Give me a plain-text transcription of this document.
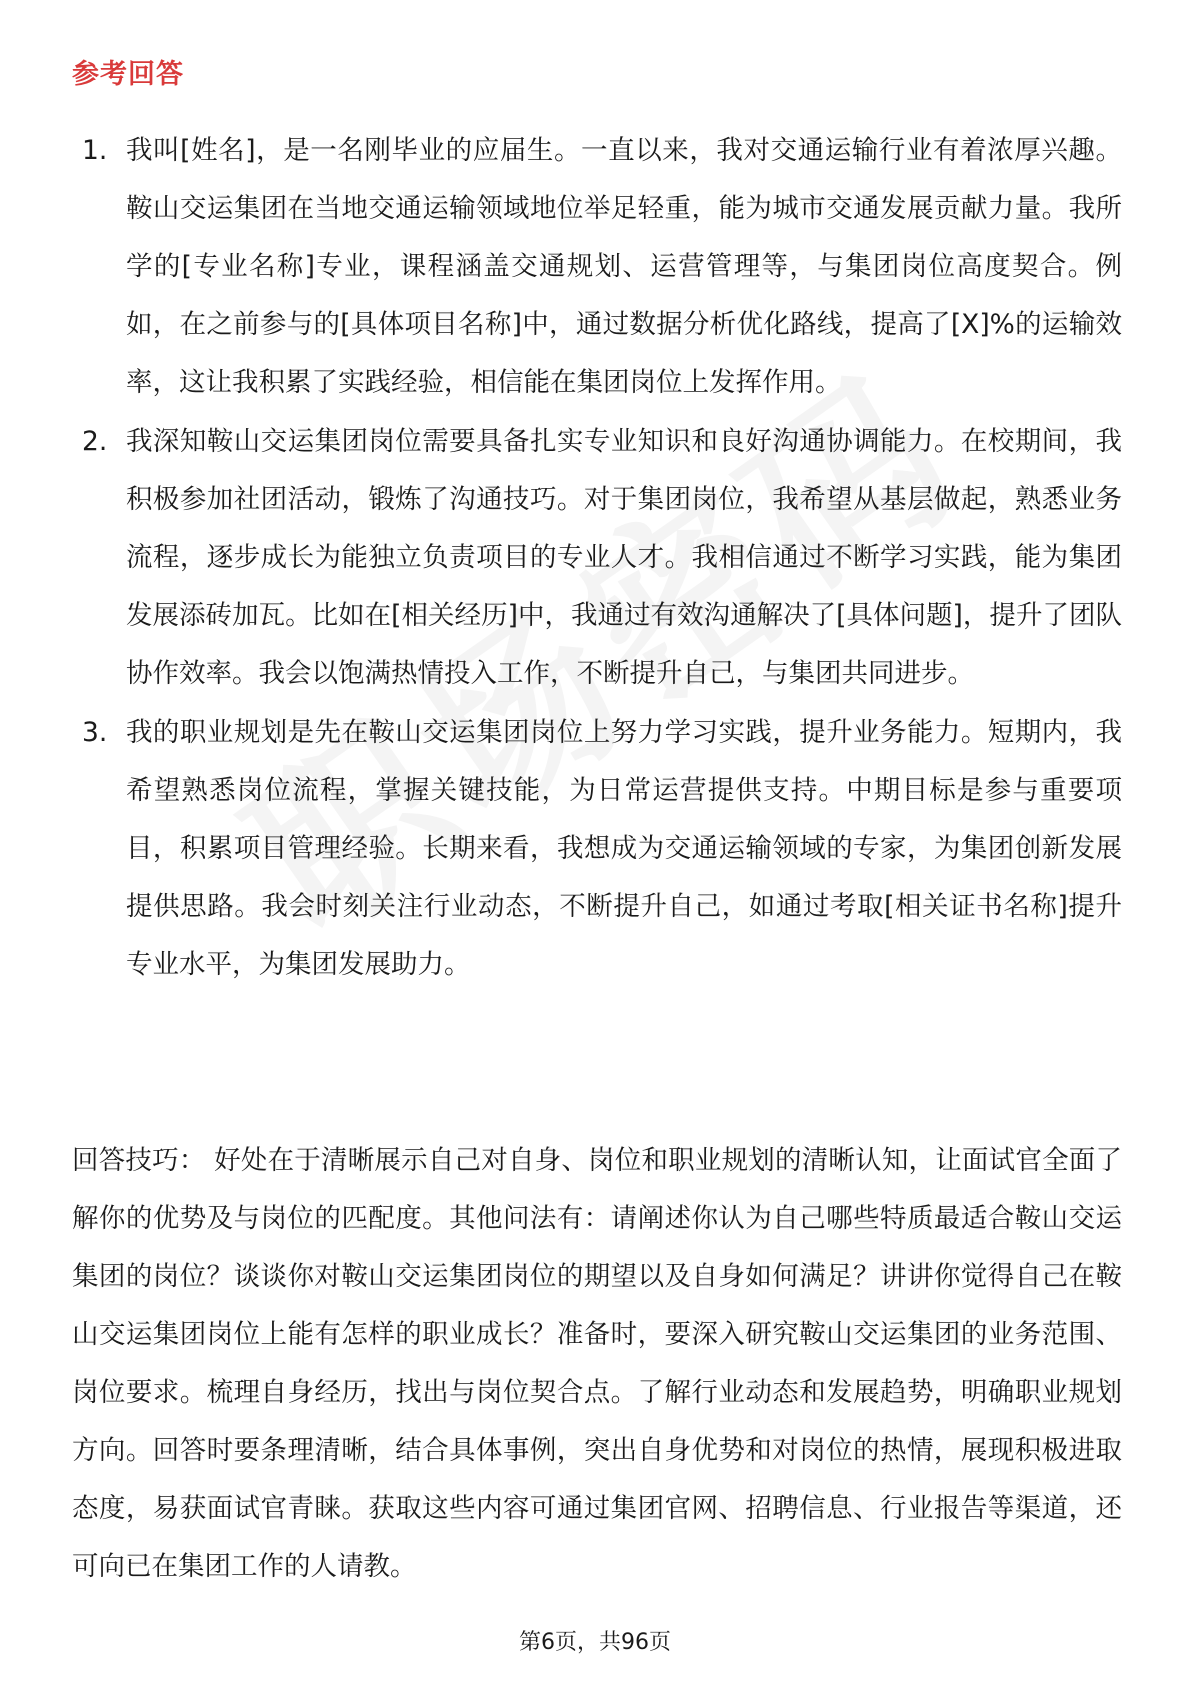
参考回答
1. 我叫[姓名]，是一名刚毕业的应届生。一直以来，我对交通运输行业有着浓厚兴趣。鞍山交运集团在当地交通运输领域地位举足轻重，能为城市交通发展贡献力量。我所学的[专业名称]专业，课程涵盖交通规划、运营管理等，与集团岗位高度契合。例如，在之前参与的[具体项目名称]中，通过数据分析优化路线，提高了[X]%的运输效率，这让我积累了实践经验，相信能在集团岗位上发挥作用。
2. 我深知鞍山交运集团岗位需要具备扎实专业知识和良好沟通协调能力。在校期间，我积极参加社团活动，锻炼了沟通技巧。对于集团岗位，我希望从基层做起，熟悉业务流程，逐步成长为能独立负责项目的专业人才。我相信通过不断学习实践，能为集团发展添砖加瓦。比如在[相关经历]中，我通过有效沟通解决了[具体问题]，提升了团队协作效率。我会以饱满热情投入工作，不断提升自己，与集团共同进步。
3. 我的职业规划是先在鞍山交运集团岗位上努力学习实践，提升业务能力。短期内，我希望熟悉岗位流程，掌握关键技能，为日常运营提供支持。中期目标是参与重要项目，积累项目管理经验。长期来看，我想成为交通运输领域的专家，为集团创新发展提供思路。我会时刻关注行业动态，不断提升自己，如通过考取[相关证书名称]提升专业水平，为集团发展助力。

回答技巧： 好处在于清晰展示自己对自身、岗位和职业规划的清晰认知，让面试官全面了解你的优势及与岗位的匹配度。其他问法有：请阐述你认为自己哪些特质最适合鞍山交运集团的岗位？谈谈你对鞍山交运集团岗位的期望以及自身如何满足？讲讲你觉得自己在鞍山交运集团岗位上能有怎样的职业成长？准备时，要深入研究鞍山交运集团的业务范围、岗位要求。梳理自身经历，找出与岗位契合点。了解行业动态和发展趋势，明确职业规划方向。回答时要条理清晰，结合具体事例，突出自身优势和对岗位的热情，展现积极进取态度，易获面试官青睐。获取这些内容可通过集团官网、招聘信息、行业报告等渠道，还可向已在集团工作的人请教。

第6页，共96页
